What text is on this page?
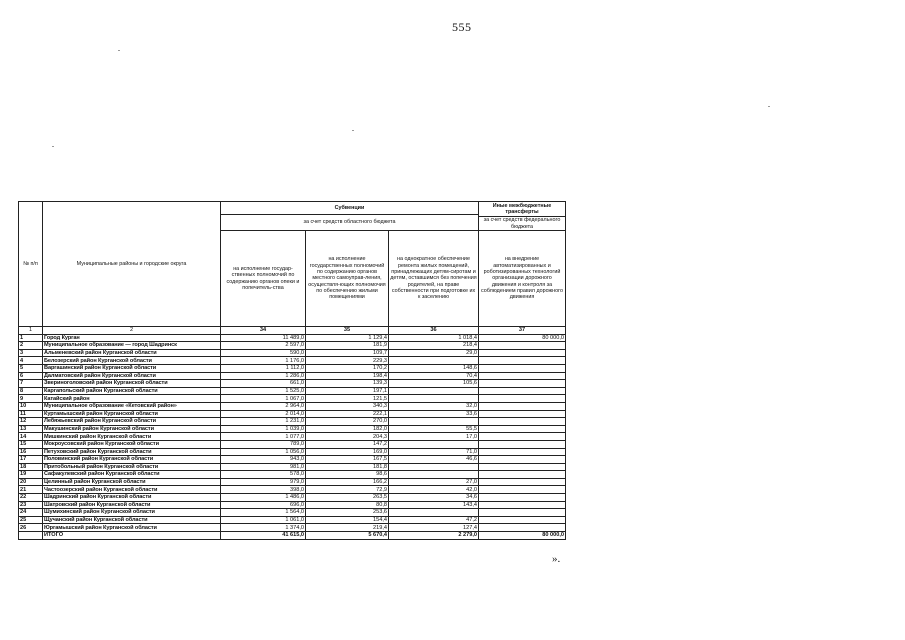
555
№ п/п	Муниципальные районы и городские округа	Субвенции			Иные межбюджетные трансферты
		за счет средств областного бюджета			
					за счет средств федерального бюджета
		на исполнение государ-ственных полномочий по содержанию органов опеки и попечитель-ства	на исполнение государственных полномочий по содержанию органов местного самоуправ-ления, осуществля-ющих полномочия по обеспечению жильми помещениями	на однократное обеспечение ремонта жилых помещений, принадлежащих детям-сиротам и детям, оставшимся без попечения родителей, на праве собственности при подготовке их к заселению	на внедрение автоматизированных и роботизированных технологий организации дорожного движения и контроля за соблюдением правил дорожного движения
1	2	34	35	36	37
1	Город Курган	11 489,0	1 129,4	1 018,4	80 000,0
2	Муниципальное образование — город Шадринск	2 597,0	181,9	218,4	
3	Альменевский район Курганской области	590,0	109,7	29,0	
4	Белозерский район Курганской области	1 176,0	229,3		
5	Варгашинский район Курганской области	1 112,0	170,2	148,6	
6	Далматовский район Курганской области	1 286,0	198,4	70,4	
7	Звериноголовский район Курганской области	661,0	139,3	105,6	
8	Каргапольский район Курганской области	1 525,0	197,1		
9	Катайский район	1 067,0	121,5		
10	Муниципальное образование «Кетовский район»	2 964,0	340,3	32,0	
11	Куртамышский район Курганской области	2 014,0	222,1	33,6	
12	Лебяжьевский район Курганской области	1 231,0	270,0		
13	Макушинский район Курганской области	1 039,0	182,0	55,5	
14	Мишкинский район Курганской области	1 077,0	204,3	17,0	
15	Мокроусовский район Курганской области	789,0	147,2		
16	Петуховский район Курганской области	1 056,0	169,0	71,0	
17	Половинский район Курганской области	943,0	167,5	46,6	
18	Притобольный район Курганской области	981,0	181,8		
19	Сафакулевский район Курганской области	578,0	98,6		
20	Целинный район Курганской области	979,0	166,2	27,0	
21	Частоозерский район Курганской области	398,0	72,9	42,0	
22	Шадринский район Курганской области	1 486,0	263,5	34,6	
23	Шатровский район Курганской области	696,0	80,8	143,4	
24	Шумихинский район Курганской области	1 564,0	253,6		
25	Щучанский район Курганской области	1 061,0	154,4	47,2	
26	Юргамышский район Курганской области	1 374,0	219,4	127,4	
	ИТОГО	41 615,0	5 670,4	2 279,0	80 000,0
».
